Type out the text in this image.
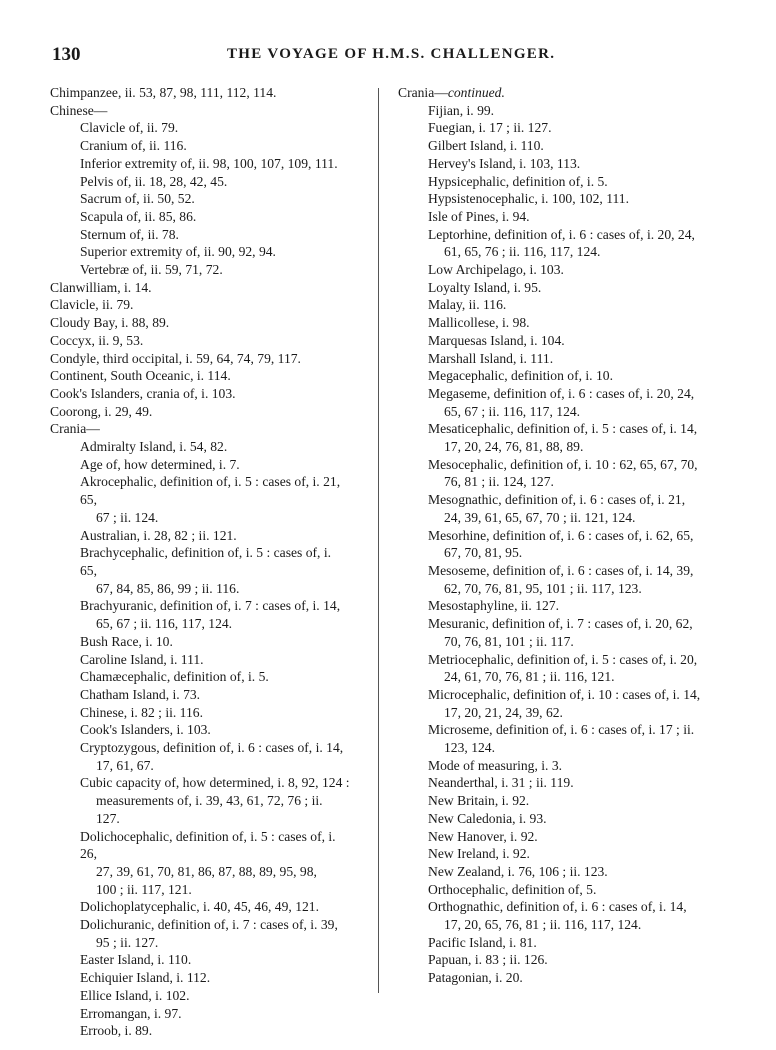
130	THE VOYAGE OF H.M.S. CHALLENGER.

Chimpanzee, ii. 53, 87, 98, 111, 112, 114.

Chinese—

Clavicle of, ii. 79.

Cranium of, ii. 116.

Inferior extremity of, ii. 98, 100, 107, 109, 111.

Pelvis of, ii. 18, 28, 42, 45.

Sacrum of, ii. 50, 52.

Scapula of, ii. 85, 86.

Sternum of, ii. 78.

Superior extremity of, ii. 90, 92, 94.

Vertebræ of, ii. 59, 71, 72.

Clanwilliam, i. 14.

Clavicle, ii. 79.

Cloudy Bay, i. 88, 89.

Coccyx, ii. 9, 53.

Condyle, third occipital, i. 59, 64, 74, 79, 117.

Continent, South Oceanic, i. 114.

Cook's Islanders, crania of, i. 103.

Coorong, i. 29, 49.

Crania—

Admiralty Island, i. 54, 82.

Age of, how determined, i. 7.

Akrocephalic, definition of, i. 5 : cases of, i. 21, 65,

67 ; ii. 124.

Australian, i. 28, 82 ; ii. 121.

Brachycephalic, definition of, i. 5 : cases of, i. 65,

67, 84, 85, 86, 99 ; ii. 116.

Brachyuranic, definition of, i. 7 : cases of, i. 14,

65, 67 ; ii. 116, 117, 124.

Bush Race, i. 10.

Caroline Island, i. 111.

Chamæcephalic, definition of, i. 5.

Chatham Island, i. 73.

Chinese, i. 82 ; ii. 116.

Cook's Islanders, i. 103.

Cryptozygous, definition of, i. 6 : cases of, i. 14,

17, 61, 67.

Cubic capacity of, how determined, i. 8, 92, 124 :

measurements of, i. 39, 43, 61, 72, 76 ; ii.

127.

Dolichocephalic, definition of, i. 5 : cases of, i. 26,

27, 39, 61, 70, 81, 86, 87, 88, 89, 95, 98,

100 ; ii. 117, 121.

Dolichoplatycephalic, i. 40, 45, 46, 49, 121.

Dolichuranic, definition of, i. 7 : cases of, i. 39,

95 ; ii. 127.

Easter Island, i. 110.

Echiquier Island, i. 112.

Ellice Island, i. 102.

Erromangan, i. 97.

Erroob, i. 89.

Crania—continued.

Fijian, i. 99.

Fuegian, i. 17 ; ii. 127.

Gilbert Island, i. 110.

Hervey's Island, i. 103, 113.

Hypsicephalic, definition of, i. 5.

Hypsistenocephalic, i. 100, 102, 111.

Isle of Pines, i. 94.

Leptorhine, definition of, i. 6 : cases of, i. 20, 24,

61, 65, 76 ; ii. 116, 117, 124.

Low Archipelago, i. 103.

Loyalty Island, i. 95.

Malay, ii. 116.

Mallicollese, i. 98.

Marquesas Island, i. 104.

Marshall Island, i. 111.

Megacephalic, definition of, i. 10.

Megaseme, definition of, i. 6 : cases of, i. 20, 24,

65, 67 ; ii. 116, 117, 124.

Mesaticephalic, definition of, i. 5 : cases of, i. 14,

17, 20, 24, 76, 81, 88, 89.

Mesocephalic, definition of, i. 10 : 62, 65, 67, 70,

76, 81 ; ii. 124, 127.

Mesognathic, definition of, i. 6 : cases of, i. 21,

24, 39, 61, 65, 67, 70 ; ii. 121, 124.

Mesorhine, definition of, i. 6 : cases of, i. 62, 65,

67, 70, 81, 95.

Mesoseme, definition of, i. 6 : cases of, i. 14, 39,

62, 70, 76, 81, 95, 101 ; ii. 117, 123.

Mesostaphyline, ii. 127.

Mesuranic, definition of, i. 7 : cases of, i. 20, 62,

70, 76, 81, 101 ; ii. 117.

Metriocephalic, definition of, i. 5 : cases of, i. 20,

24, 61, 70, 76, 81 ; ii. 116, 121.

Microcephalic, definition of, i. 10 : cases of, i. 14,

17, 20, 21, 24, 39, 62.

Microseme, definition of, i. 6 : cases of, i. 17 ; ii.

123, 124.

Mode of measuring, i. 3.

Neanderthal, i. 31 ; ii. 119.

New Britain, i. 92.

New Caledonia, i. 93.

New Hanover, i. 92.

New Ireland, i. 92.

New Zealand, i. 76, 106 ; ii. 123.

Orthocephalic, definition of, 5.

Orthognathic, definition of, i. 6 : cases of, i. 14,

17, 20, 65, 76, 81 ; ii. 116, 117, 124.

Pacific Island, i. 81.

Papuan, i. 83 ; ii. 126.

Patagonian, i. 20.
